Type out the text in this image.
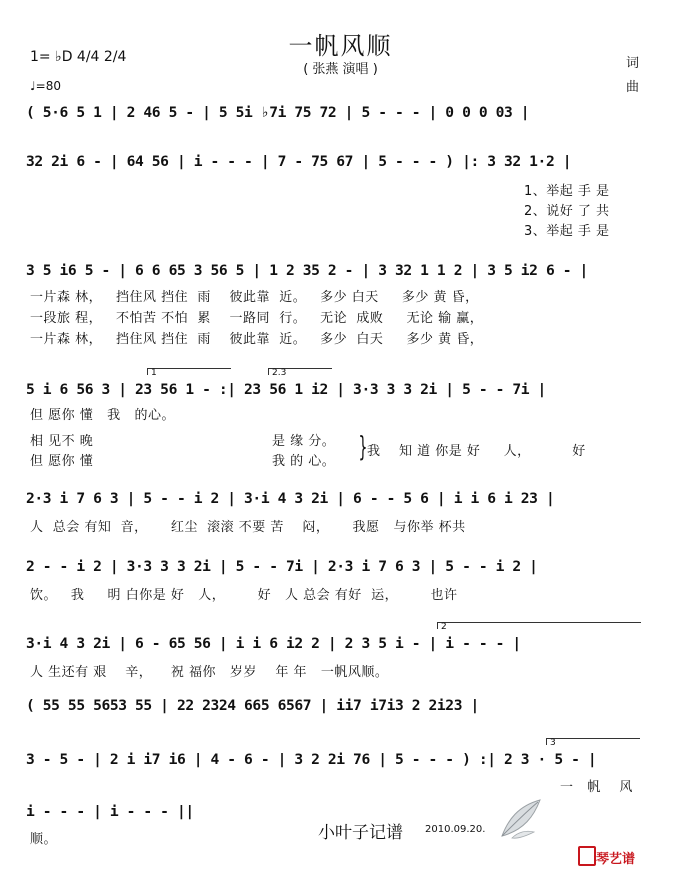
一帆风顺
( 张燕 演唱 )
1= ♭D 4/4 2/4
♩=80
词
曲
( 5·6 5 1 | 2 46 5 - | 5 5i ♭7i 75 72 | 5 - - - | 0 0 0 03 |
32 2i 6 - | 64 56 | i - - - | 7 - 75 67 | 5 - - - ) |: 3 32 1·2 |
3 5 i6 5 - | 6 6 65 3 56 5 | 1 2 35 2 - | 3 32 1 1 2 | 3 5 i2 6 - |
5 i 6 56 3 | 23 56 1 - :| 23 56 1 i2 | 3·3 3 3 2i | 5 - - 7i |
2·3 i 7 6 3 | 5 - - i 2 | 3·i 4 3 2i | 6 - - 5 6 | i i 6 i 23 |
2 - - i 2 | 3·3 3 3 2i | 5 - - 7i | 2·3 i 7 6 3 | 5 - - i 2 |
3·i 4 3 2i | 6 - 65 56 | i i 6 i2 2 | 2 3 5 i - | i - - - |
( 55 55 5653 55 | 22 2324 665 6567 | ii7 i7i3 2 2i23 |
3 - 5 - | 2 i i7 i6 | 4 - 6 - | 3 2 2i 76 | 5 - - - ) :| 2 3 · 5 - |
i - - - | i - - - ||
1	2.3
2
3
1、举起 手 是
2、说好 了 共
3、举起 手 是
一片森 林，   挡住风 挡住  雨    彼此靠  近。   多少 白天     多少 黄 昏，
一段旅 程，   不怕苦 不怕  累    一路同  行。   无论  成败     无论 输 赢，
一片森 林，   挡住风 挡住  雨    彼此靠  近。   多少  白天     多少 黄 昏，
但 愿你 懂   我   的心。
相 见不 晚	是 缘 分。
但 愿你 懂	我 的 心。 } 我    知 道 你是 好     人，         好
人  总会 有知  音，     红尘  滚滚 不要 苦    闷，     我愿   与你举 杯共
饮。   我     明 白你是 好   人，       好   人 总会 有好  运，       也许
人 生还有 艰    辛，    祝 福你   岁岁    年 年   一帆风顺。
一   帆    风
顺。	小叶子记谱 2010.09.20.
琴艺谱
